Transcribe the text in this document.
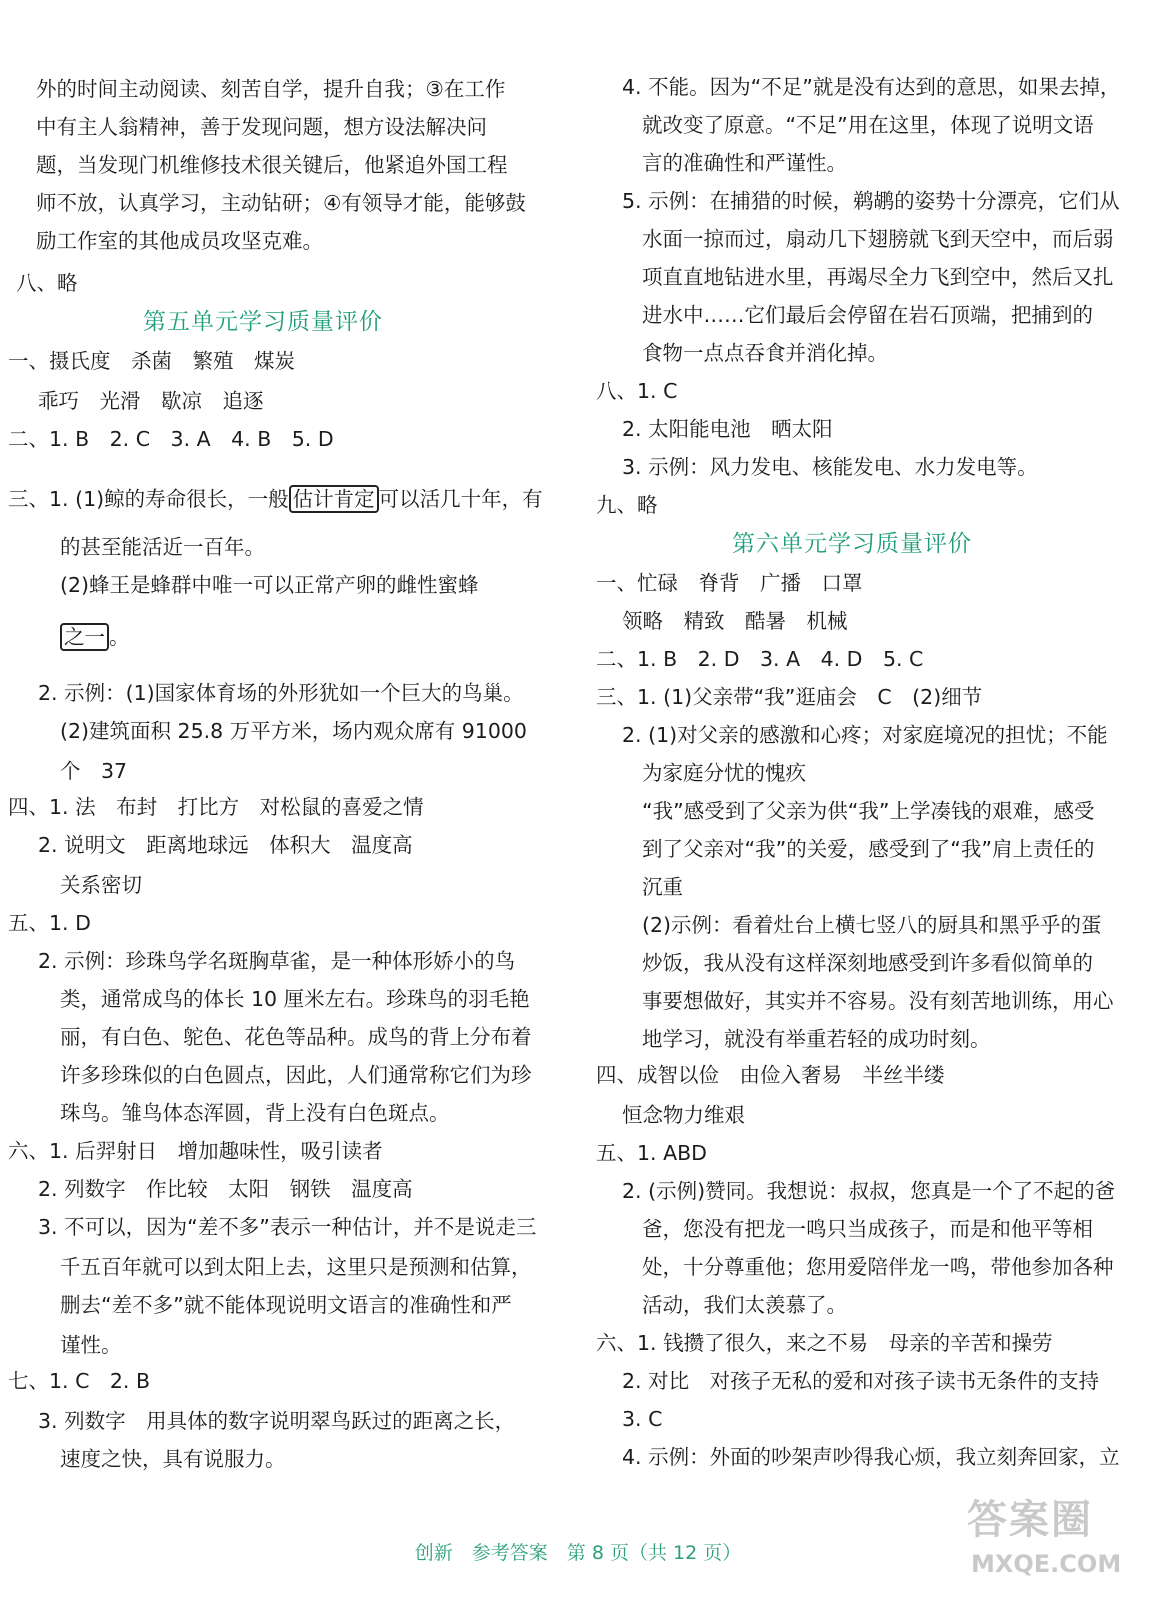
外的时间主动阅读、刻苦自学，提升自我；③在工作
中有主人翁精神，善于发现问题，想方设法解决问
题，当发现门机维修技术很关键后，他紧追外国工程
师不放，认真学习，主动钻研；④有领导才能，能够鼓
励工作室的其他成员攻坚克难。
八、略
第五单元学习质量评价
一、摄氏度　杀菌　繁殖　煤炭
乖巧　光滑　歇凉　追逐
二、1. B　2. C　3. A　4. B　5. D
三、1. (1)鲸的寿命很长，一般 估计肯定 可以活几十年，有
的甚至能活近一百年。
(2)蜂王是蜂群中唯一可以正常产卵的雌性蜜蜂
之一 。
2. 示例：(1)国家体育场的外形犹如一个巨大的鸟巢。
(2)建筑面积 25.8 万平方米，场内观众席有 91000
个　37
四、1. 法　布封　打比方　对松鼠的喜爱之情
2. 说明文　距离地球远　体积大　温度高
关系密切
五、1. D
2. 示例：珍珠鸟学名斑胸草雀，是一种体形娇小的鸟
类，通常成鸟的体长 10 厘米左右。珍珠鸟的羽毛艳
丽，有白色、鸵色、花色等品种。成鸟的背上分布着
许多珍珠似的白色圆点，因此，人们通常称它们为珍
珠鸟。雏鸟体态浑圆，背上没有白色斑点。
六、1. 后羿射日　增加趣味性，吸引读者
2. 列数字　作比较　太阳　钢铁　温度高
3. 不可以，因为“差不多”表示一种估计，并不是说走三
千五百年就可以到太阳上去，这里只是预测和估算，
删去“差不多”就不能体现说明文语言的准确性和严
谨性。
七、1. C　2. B
3. 列数字　用具体的数字说明翠鸟跃过的距离之长，
速度之快，具有说服力。
4. 不能。因为“不足”就是没有达到的意思，如果去掉，
就改变了原意。“不足”用在这里，体现了说明文语
言的准确性和严谨性。
5. 示例：在捕猎的时候，鹈鹕的姿势十分漂亮，它们从
水面一掠而过，扇动几下翅膀就飞到天空中，而后弱
项直直地钻进水里，再竭尽全力飞到空中，然后又扎
进水中……它们最后会停留在岩石顶端，把捕到的
食物一点点吞食并消化掉。
八、1. C
2. 太阳能电池　晒太阳
3. 示例：风力发电、核能发电、水力发电等。
九、略
第六单元学习质量评价
一、忙碌　脊背　广播　口罩
领略　精致　酷暑　机械
二、1. B　2. D　3. A　4. D　5. C
三、1. (1)父亲带“我”逛庙会　C　(2)细节
2. (1)对父亲的感激和心疼；对家庭境况的担忧；不能
为家庭分忧的愧疚
“我”感受到了父亲为供“我”上学凑钱的艰难，感受
到了父亲对“我”的关爱，感受到了“我”肩上责任的
沉重
(2)示例：看着灶台上横七竖八的厨具和黑乎乎的蛋
炒饭，我从没有这样深刻地感受到许多看似简单的
事要想做好，其实并不容易。没有刻苦地训练，用心
地学习，就没有举重若轻的成功时刻。
四、成智以俭　由俭入奢易　半丝半缕
恒念物力维艰
五、1. ABD
2. (示例)赞同。我想说：叔叔，您真是一个了不起的爸
爸，您没有把龙一鸣只当成孩子，而是和他平等相
处，十分尊重他；您用爱陪伴龙一鸣，带他参加各种
活动，我们太羡慕了。
六、1. 钱攒了很久，来之不易　母亲的辛苦和操劳
2. 对比　对孩子无私的爱和对孩子读书无条件的支持
3. C
4. 示例：外面的吵架声吵得我心烦，我立刻奔回家，立
创新　参考答案　第 8 页（共 12 页）
答案圈
MXQE.COM
